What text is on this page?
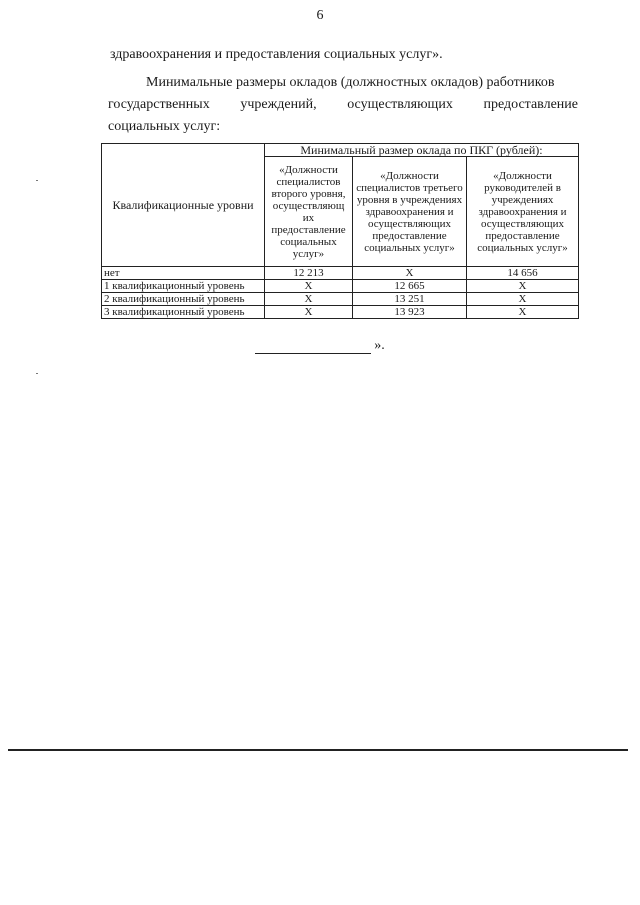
6
здравоохранения и предоставления социальных услуг».
Минимальные размеры окладов (должностных окладов) работников
государственных учреждений, осуществляющих предоставление
социальных услуг:
Квалификационные уровни	Минимальный размер оклада по ПКГ (рублей):		
	«Должности специалистов второго уровня, осуществляющ их предоставление социальных услуг»	«Должности специалистов третьего уровня в учреждениях здравоохранения и осуществляющих предоставление социальных услуг»	«Должности руководителей в учреждениях здравоохранения и осуществляющих предоставление социальных услуг»
нет	12 213	Х	14 656
1 квалификационный уровень	Х	12 665	Х
2 квалификационный уровень	Х	13 251	Х
3 квалификационный уровень	Х	13 923	Х
».
